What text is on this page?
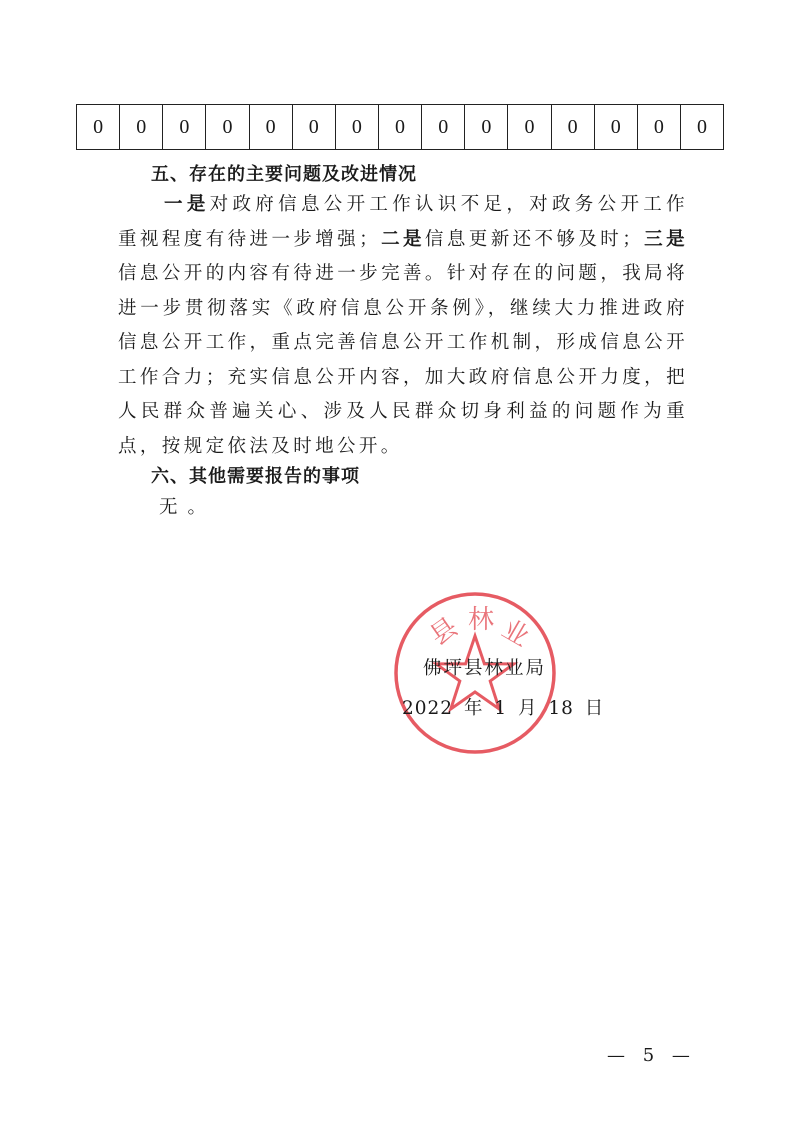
0	0	0	0	0	0	0	0	0	0	0	0	0	0	0
五、存在的主要问题及改进情况
一是对政府信息公开工作认识不足，对政务公开工作重视程度有待进一步增强；二是信息更新还不够及时；三是信息公开的内容有待进一步完善。针对存在的问题，我局将进一步贯彻落实《政府信息公开条例》，继续大力推进政府信息公开工作，重点完善信息公开工作机制，形成信息公开工作合力；充实信息公开内容，加大政府信息公开力度，把人民群众普遍关心、涉及人民群众切身利益的问题作为重点，按规定依法及时地公开。
六、其他需要报告的事项
无。
县 林 业
佛坪县林业局
2022 年 1 月 18 日
— 5 —
